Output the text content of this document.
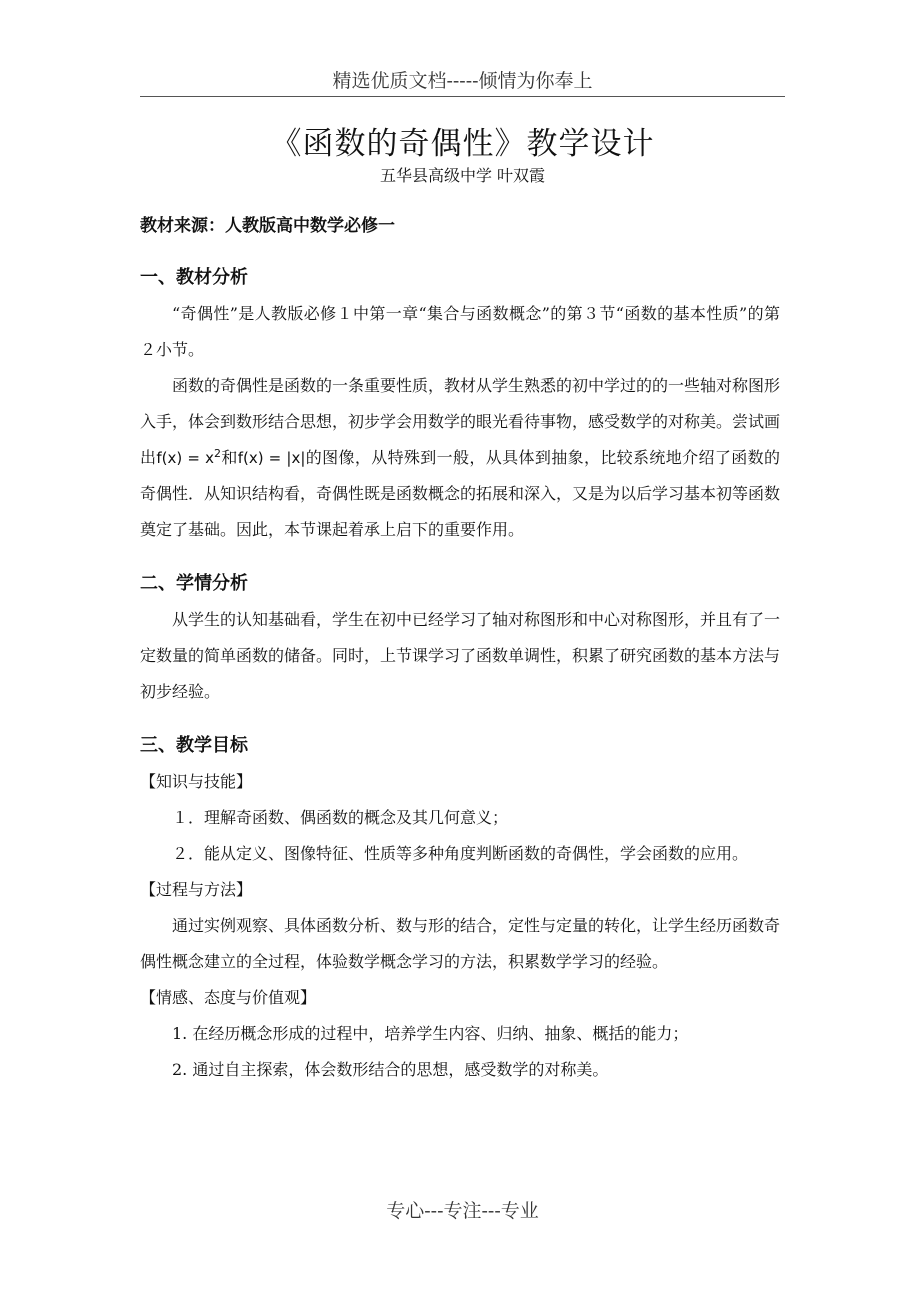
精选优质文档-----倾情为你奉上
《函数的奇偶性》教学设计
五华县高级中学 叶双霞

教材来源：人教版高中数学必修一

一、教材分析

“奇偶性”是人教版必修１中第一章“集合与函数概念”的第３节“函数的基本性质”的第２小节。

函数的奇偶性是函数的一条重要性质，教材从学生熟悉的初中学过的的一些轴对称图形入手，体会到数形结合思想，初步学会用数学的眼光看待事物，感受数学的对称美。尝试画出$f(x) = x^2$和f(x) = |x|的图像，从特殊到一般，从具体到抽象，比较系统地介绍了函数的奇偶性．从知识结构看，奇偶性既是函数概念的拓展和深入，又是为以后学习基本初等函数奠定了基础。因此，本节课起着承上启下的重要作用。

二、学情分析

从学生的认知基础看，学生在初中已经学习了轴对称图形和中心对称图形，并且有了一定数量的简单函数的储备。同时，上节课学习了函数单调性，积累了研究函数的基本方法与初步经验。

三、教学目标

【知识与技能】

１．理解奇函数、偶函数的概念及其几何意义；

２．能从定义、图像特征、性质等多种角度判断函数的奇偶性，学会函数的应用。

【过程与方法】

通过实例观察、具体函数分析、数与形的结合，定性与定量的转化，让学生经历函数奇偶性概念建立的全过程，体验数学概念学习的方法，积累数学学习的经验。

【情感、态度与价值观】

1. 在经历概念形成的过程中，培养学生内容、归纳、抽象、概括的能力；

2. 通过自主探索，体会数形结合的思想，感受数学的对称美。

专心---专注---专业
